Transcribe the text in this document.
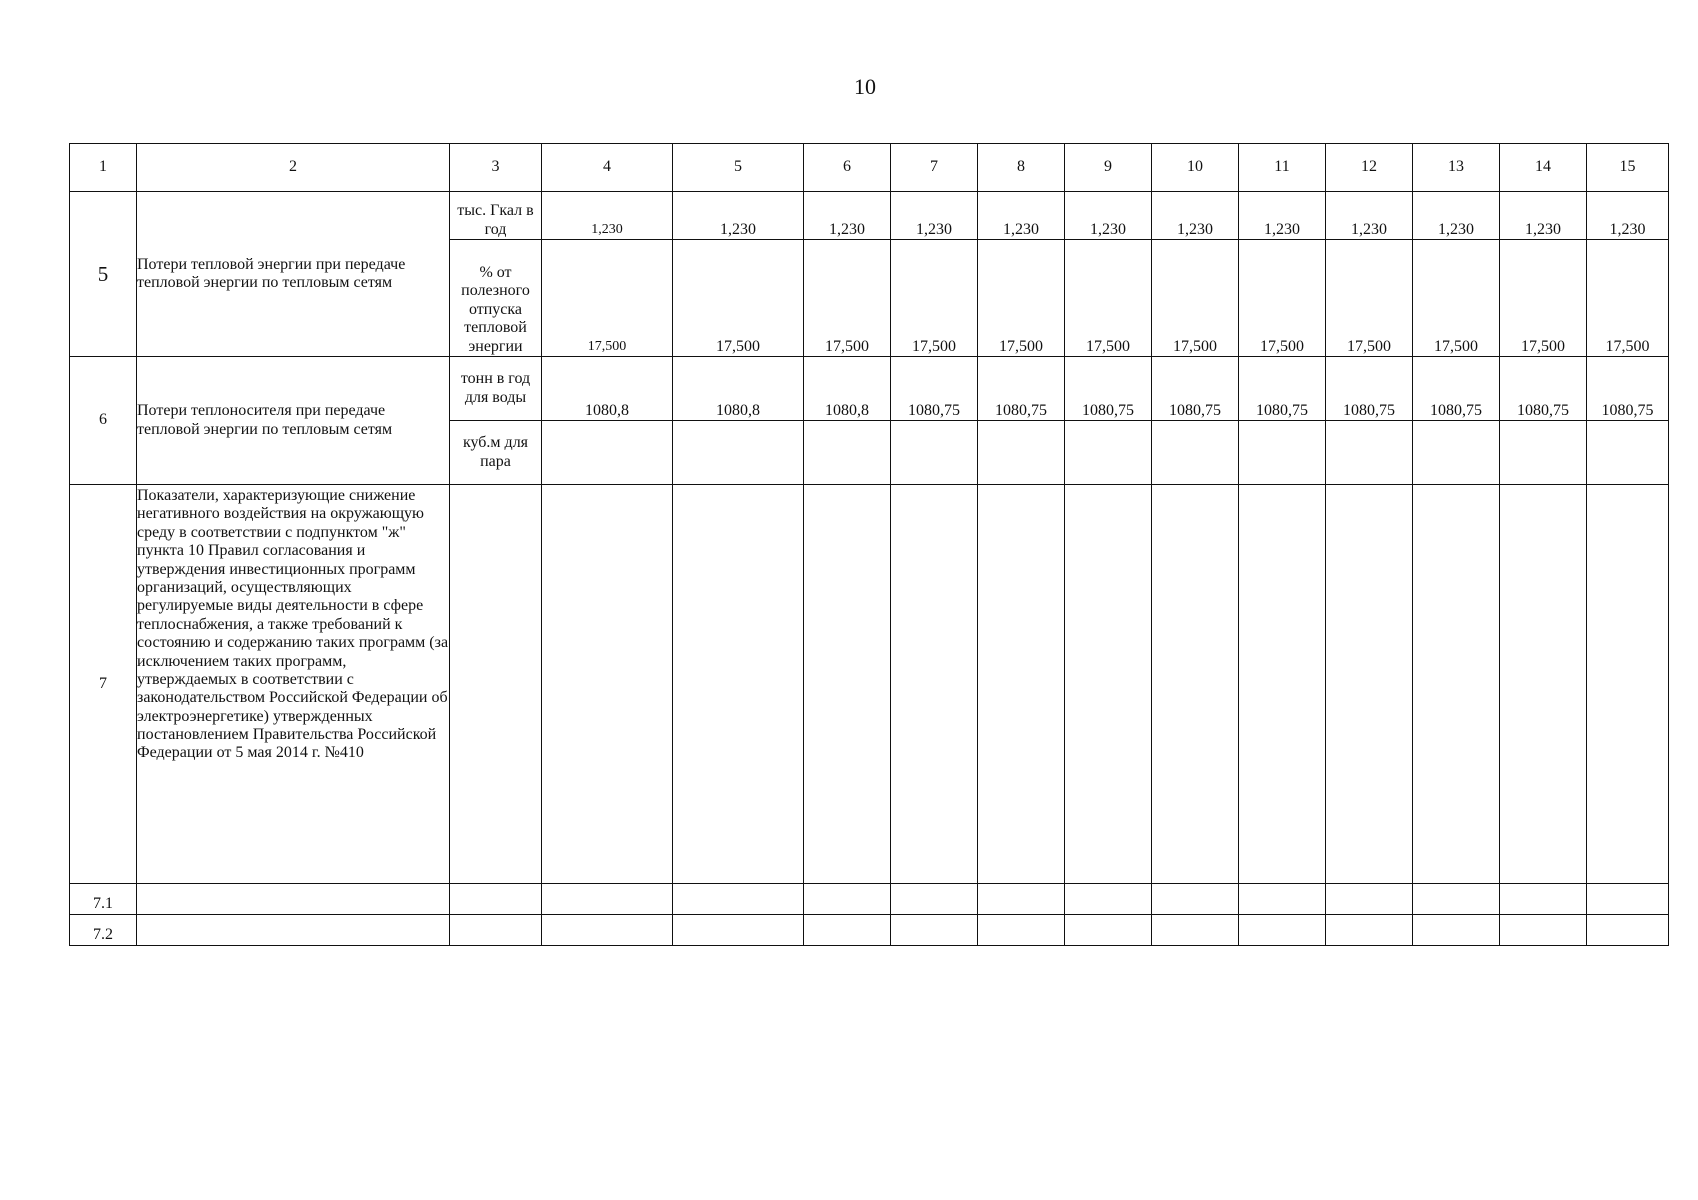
10
1	2	3	4	5	6	7	8	9	10	11	12	13	14	15
5	Потери тепловой энергии при передаче тепловой энергии по тепловым сетям	тыс. Гкал в год	1,230	1,230	1,230	1,230	1,230	1,230	1,230	1,230	1,230	1,230	1,230	1,230
		% от полезного отпуска тепловой энергии	17,500	17,500	17,500	17,500	17,500	17,500	17,500	17,500	17,500	17,500	17,500	17,500
6	Потери теплоносителя при передаче тепловой энергии по тепловым сетям	тонн в год для воды	1080,8	1080,8	1080,8	1080,75	1080,75	1080,75	1080,75	1080,75	1080,75	1080,75	1080,75	1080,75
		куб.м для пара												
7	Показатели, характеризующие снижение негативного воздействия на окружающую среду в соответствии с подпунктом "ж" пункта 10 Правил согласования и утверждения инвестиционных программ организаций, осуществляющих регулируемые виды деятельности в сфере теплоснабжения, а также требований к состоянию и содержанию таких программ (за исключением таких программ, утверждаемых в соответствии с законодательством Российской Федерации об электроэнергетике) утвержденных постановлением Правительства Российской Федерации от 5 мая 2014 г. №410													
7.1														
7.2														
